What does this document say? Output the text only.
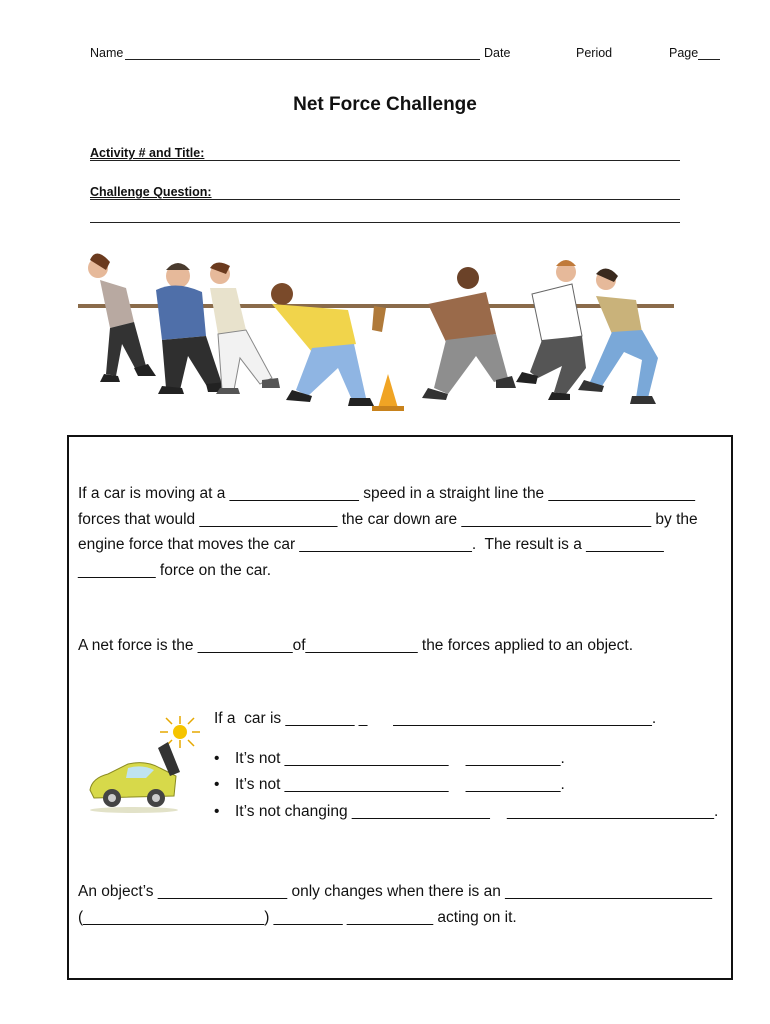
Name	Date	Period	Page
Net Force Challenge
Activity # and Title:
Challenge Question:
If a car is moving at a _______________ speed in a straight line the _________________
forces that would ________________ the car down are ______________________ by the
engine force that moves the car ____________________.  The result is a _________
_________ force on the car.
A net force is the ___________of_____________ the forces applied to an object.
If a  car is ________ _      ______________________________.
• It’s not ___________________    ___________.
• It’s not ___________________    ___________.
• It’s not changing ________________    ________________________.
An object’s _______________ only changes when there is an ________________________
(_____________________) ________ __________ acting on it.
